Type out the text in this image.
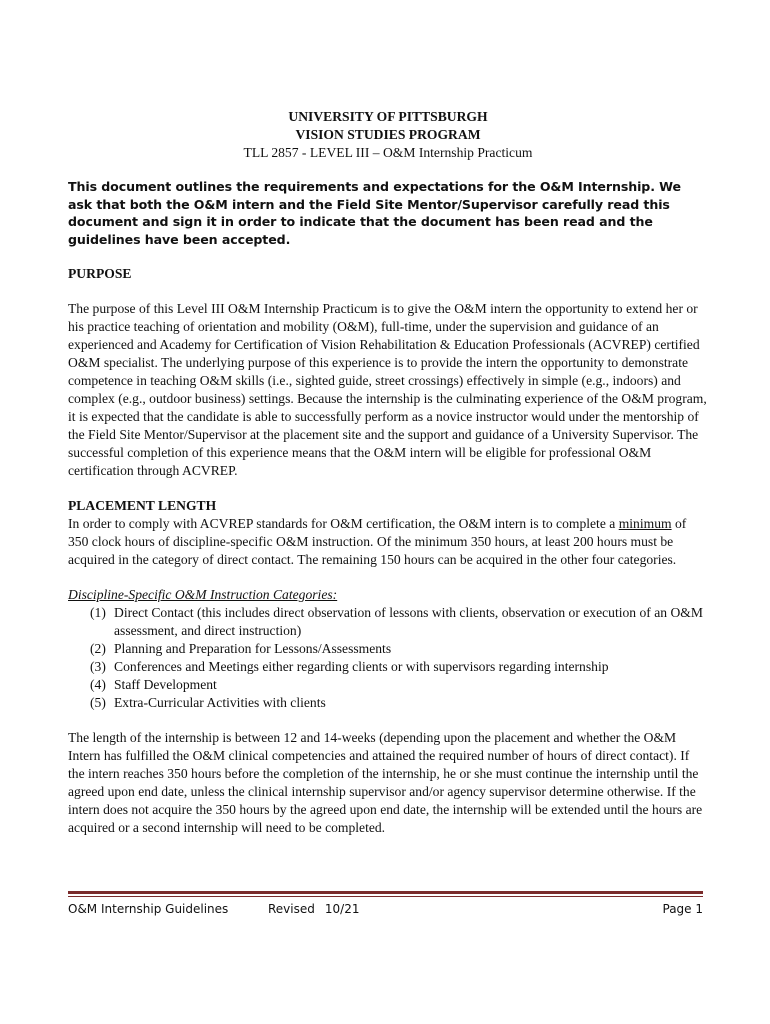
UNIVERSITY OF PITTSBURGH

VISION STUDIES PROGRAM

TLL 2857 - LEVEL III – O&M Internship Practicum

This document outlines the requirements and expectations for the O&M Internship. We ask that both the O&M intern and the Field Site Mentor/Supervisor carefully read this document and sign it in order to indicate that the document has been read and the guidelines have been accepted.

PURPOSE

The purpose of this Level III O&M Internship Practicum is to give the O&M intern the opportunity to extend her or his practice teaching of orientation and mobility (O&M), full-time, under the supervision and guidance of an experienced and Academy for Certification of Vision Rehabilitation & Education Professionals (ACVREP) certified O&M specialist. The underlying purpose of this experience is to provide the intern the opportunity to demonstrate competence in teaching O&M skills (i.e., sighted guide, street crossings) effectively in simple (e.g., indoors) and complex (e.g., outdoor business) settings. Because the internship is the culminating experience of the O&M program, it is expected that the candidate is able to successfully perform as a novice instructor would under the mentorship of the Field Site Mentor/Supervisor at the placement site and the support and guidance of a University Supervisor. The successful completion of this experience means that the O&M intern will be eligible for professional O&M certification through ACVREP.

PLACEMENT LENGTH

In order to comply with ACVREP standards for O&M certification, the O&M intern is to complete a minimum of 350 clock hours of discipline-specific O&M instruction. Of the minimum 350 hours, at least 200 hours must be acquired in the category of direct contact. The remaining 150 hours can be acquired in the other four categories.

Discipline-Specific O&M Instruction Categories:

(1) Direct Contact (this includes direct observation of lessons with clients, observation or execution of an O&M assessment, and direct instruction)
(2) Planning and Preparation for Lessons/Assessments
(3) Conferences and Meetings either regarding clients or with supervisors regarding internship
(4) Staff Development
(5) Extra-Curricular Activities with clients

The length of the internship is between 12 and 14-weeks (depending upon the placement and whether the O&M Intern has fulfilled the O&M clinical competencies and attained the required number of hours of direct contact). If the intern reaches 350 hours before the completion of the internship, he or she must continue the internship until the agreed upon end date, unless the clinical internship supervisor and/or agency supervisor determine otherwise. If the intern does not acquire the 350 hours by the agreed upon end date, the internship will be extended until the hours are acquired or a second internship will need to be completed.

O&M Internship Guidelines	Revised 10/21	Page 1
